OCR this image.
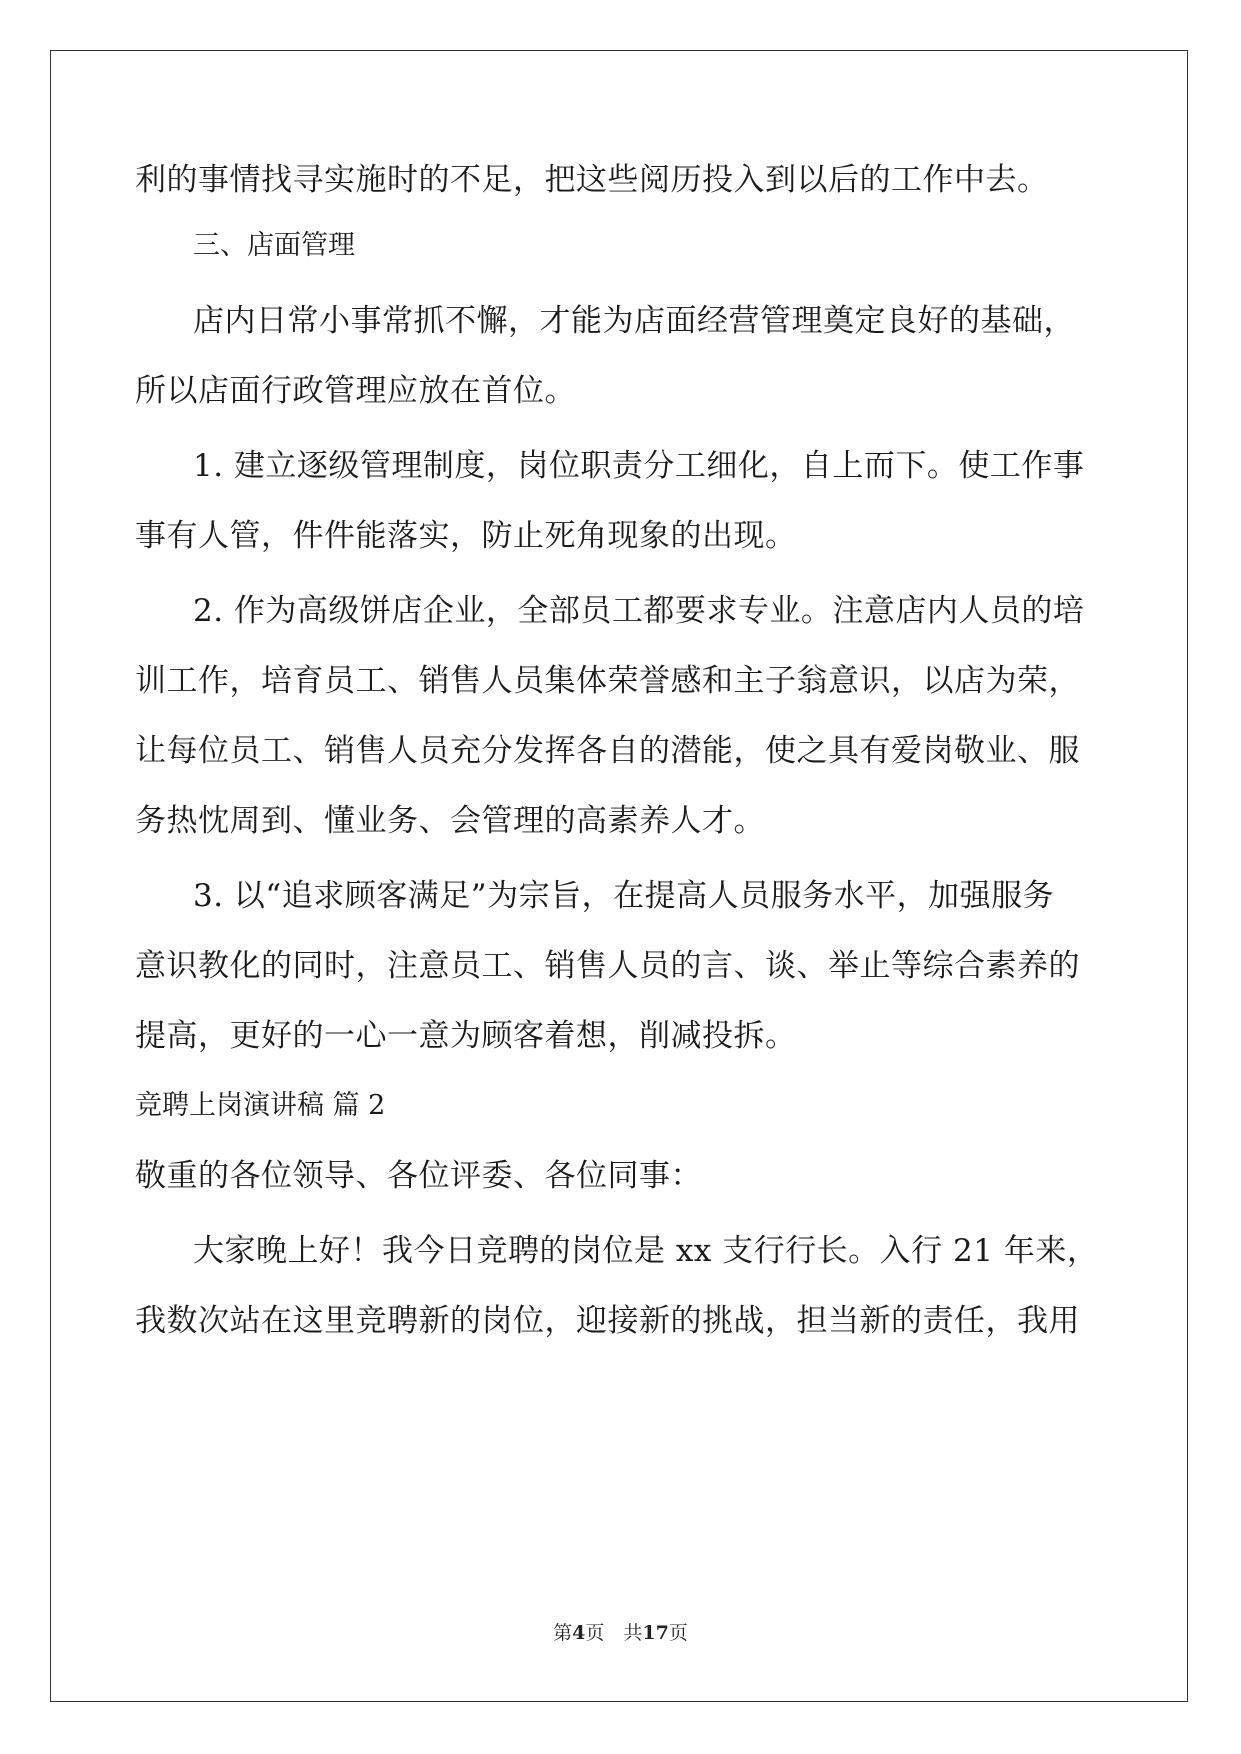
利的事情找寻实施时的不足，把这些阅历投入到以后的工作中去。
三、店面管理
店内日常小事常抓不懈，才能为店面经营管理奠定良好的基础，
所以店面行政管理应放在首位。
1. 建立逐级管理制度，岗位职责分工细化，自上而下。使工作事
事有人管，件件能落实，防止死角现象的出现。
2. 作为高级饼店企业，全部员工都要求专业。注意店内人员的培
训工作，培育员工、销售人员集体荣誉感和主子翁意识，以店为荣，
让每位员工、销售人员充分发挥各自的潜能，使之具有爱岗敬业、服
务热忱周到、懂业务、会管理的高素养人才。
3. 以“追求顾客满足”为宗旨，在提高人员服务水平，加强服务
意识教化的同时，注意员工、销售人员的言、谈、举止等综合素养的
提高，更好的一心一意为顾客着想，削减投拆。
竞聘上岗演讲稿 篇 2
敬重的各位领导、各位评委、各位同事：
大家晚上好！我今日竞聘的岗位是 xx 支行行长。入行 21 年来，
我数次站在这里竞聘新的岗位，迎接新的挑战，担当新的责任，我用
第4页　共17页
